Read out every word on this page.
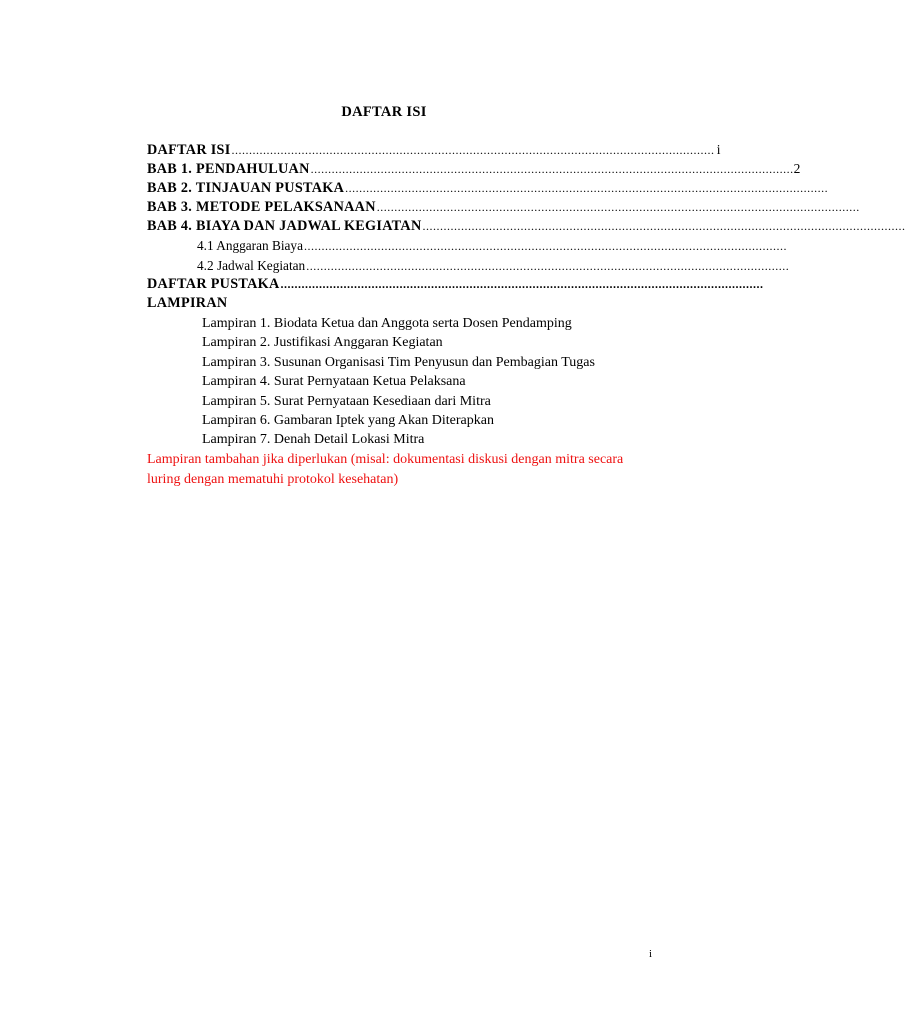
DAFTAR ISI
DAFTAR ISI .......................................................................................................................................... i
BAB 1. PENDAHULUAN .......................................................................................................................................... 2
BAB 2. TINJAUAN PUSTAKA ..........................................................................................................................................
BAB 3. METODE PELAKSANAAN ..........................................................................................................................................
BAB 4. BIAYA DAN JADWAL KEGIATAN ..........................................................................................................................................
4.1 Anggaran Biaya ..........................................................................................................................................
4.2 Jadwal Kegiatan ..........................................................................................................................................
DAFTAR PUSTAKA ..........................................................................................................................................
LAMPIRAN
Lampiran 1. Biodata Ketua dan Anggota serta Dosen Pendamping
Lampiran 2. Justifikasi Anggaran Kegiatan
Lampiran 3. Susunan Organisasi Tim Penyusun dan Pembagian Tugas
Lampiran 4. Surat Pernyataan Ketua Pelaksana
Lampiran 5. Surat Pernyataan Kesediaan dari Mitra
Lampiran 6. Gambaran Iptek yang Akan Diterapkan
Lampiran 7. Denah Detail Lokasi Mitra
Lampiran tambahan jika diperlukan (misal: dokumentasi diskusi dengan mitra secara luring dengan mematuhi protokol kesehatan)
i
